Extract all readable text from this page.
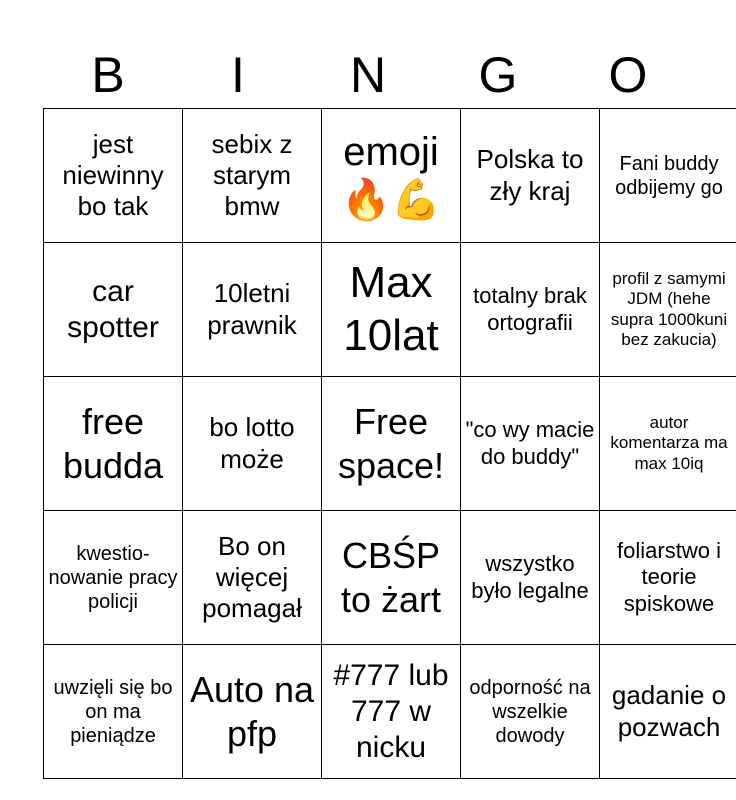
B	I	N	G	O
jest niewinny bo tak	sebix z starym bmw	emoji 🔥💪	Polska to zły kraj	Fani buddy odbijemy go
car spotter	10letni prawnik	Max 10lat	totalny brak ortografii	profil z samymi JDM (hehe supra 1000kuni bez zakucia)
free budda	bo lotto może	Free space!	"co wy macie do buddy"	autor komentarza ma max 10iq
kwestio-nowanie pracy policji	Bo on więcej pomagał	CBŚP to żart	wszystko było legalne	foliarstwo i teorie spiskowe
uwzięli się bo on ma pieniądze	Auto na pfp	#777 lub 777 w nicku	odporność na wszelkie dowody	gadanie o pozwach
